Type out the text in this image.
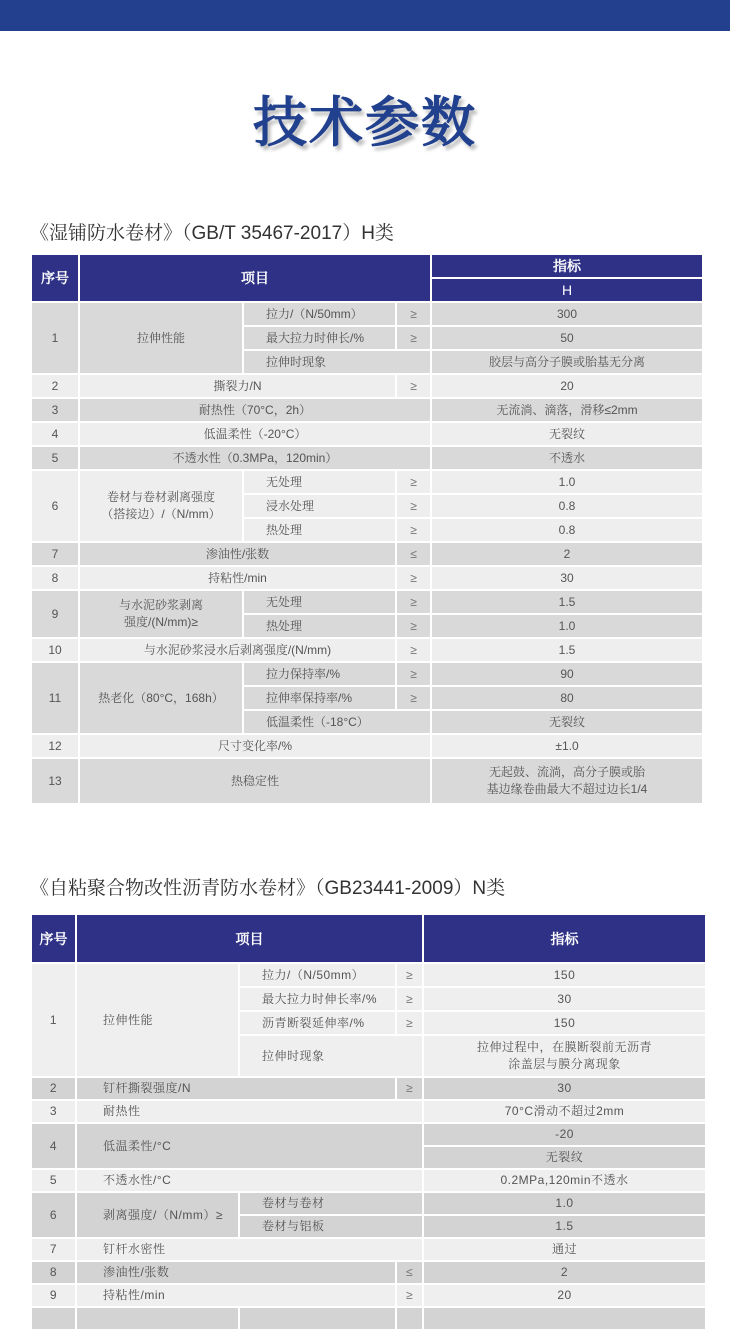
技术参数
《湿铺防水卷材》（GB/T 35467-2017）H类
序号	项目			指标
				H
1	拉伸性能	拉力/（N/50mm）	≥	300
		最大拉力时伸长/%	≥	50
		拉伸时现象		胶层与高分子膜或胎基无分离
2	撕裂力/N		≥	20
3	耐热性（70°C，2h）			无流淌、滴落，滑移≤2mm
4	低温柔性（-20°C）			无裂纹
5	不透水性（0.3MPa，120min）			不透水
6	卷材与卷材剥离强度
（搭接边）/（N/mm）	无处理	≥	1.0
		浸水处理	≥	0.8
		热处理	≥	0.8
7	渗油性/张数		≤	2
8	持粘性/min		≥	30
9	与水泥砂浆剥离
强度/(N/mm)≥	无处理	≥	1.5
		热处理	≥	1.0
10	与水泥砂浆浸水后剥离强度/(N/mm)		≥	1.5
11	热老化（80°C，168h）	拉力保持率/%	≥	90
		拉伸率保持率/%	≥	80
		低温柔性（-18°C）		无裂纹
12	尺寸变化率/%			±1.0
13	热稳定性			无起鼓、流淌，高分子膜或胎
基边缘卷曲最大不超过边长1/4
《自粘聚合物改性沥青防水卷材》（GB23441-2009）N类
序号	项目			指标
1	拉伸性能	拉力/（N/50mm）	≥	150
		最大拉力时伸长率/%	≥	30
		沥青断裂延伸率/%	≥	150
		拉伸时现象		拉伸过程中，在膜断裂前无沥青
涂盖层与膜分离现象
2	钉杆撕裂强度/N		≥	30
3	耐热性			70°C滑动不超过2mm
4	低温柔性/°C			-20
				无裂纹
5	不透水性/°C			0.2MPa,120min不透水
6	剥离强度/（N/mm）≥	卷材与卷材		1.0
		卷材与铝板		1.5
7	钉杆水密性			通过
8	渗油性/张数		≤	2
9	持粘性/min		≥	20
